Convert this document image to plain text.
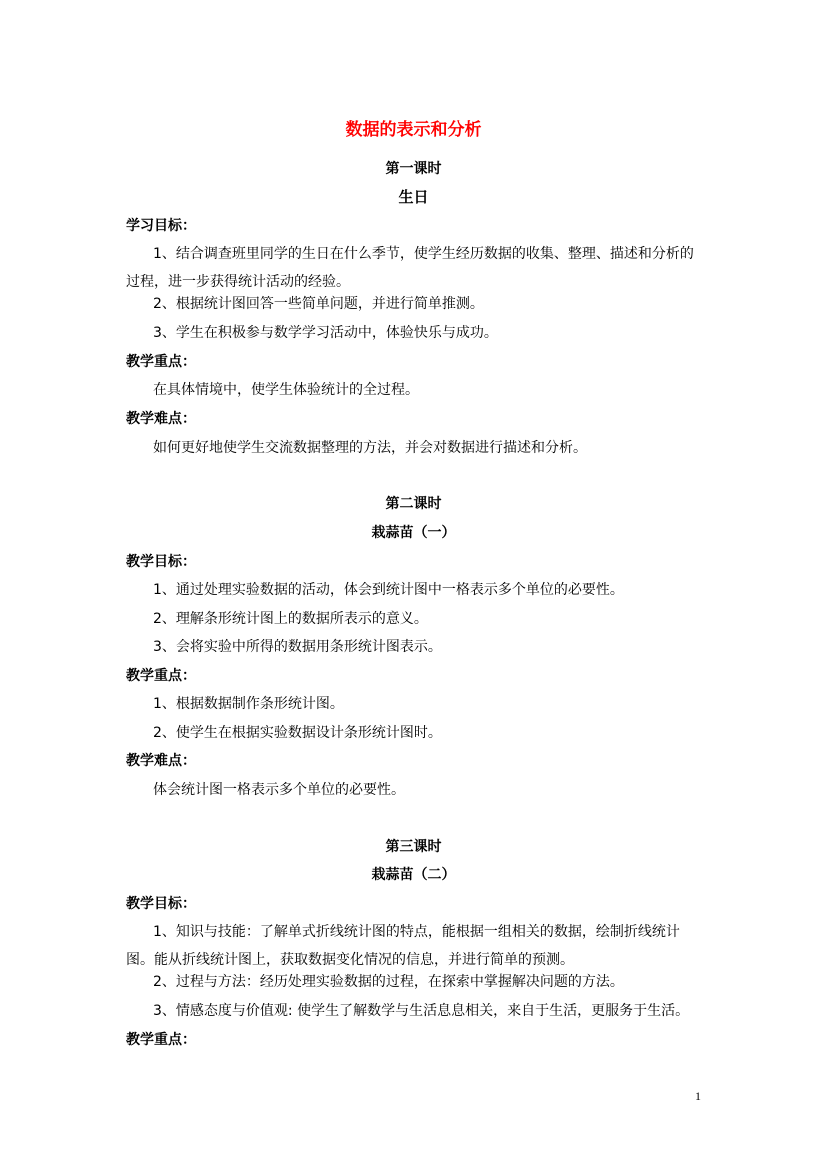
数据的表示和分析
第一课时
生日
学习目标：
1、结合调查班里同学的生日在什么季节，使学生经历数据的收集、整理、描述和分析的过程，进一步获得统计活动的经验。
2、根据统计图回答一些简单问题，并进行简单推测。
3、学生在积极参与数学学习活动中，体验快乐与成功。
教学重点：
在具体情境中，使学生体验统计的全过程。
教学难点：
如何更好地使学生交流数据整理的方法，并会对数据进行描述和分析。
第二课时
栽蒜苗（一）
教学目标：
1、通过处理实验数据的活动，体会到统计图中一格表示多个单位的必要性。
2、理解条形统计图上的数据所表示的意义。
3、会将实验中所得的数据用条形统计图表示。
教学重点：
1、根据数据制作条形统计图。
2、使学生在根据实验数据设计条形统计图时。
教学难点：
体会统计图一格表示多个单位的必要性。
第三课时
栽蒜苗（二）
教学目标：
1、知识与技能：了解单式折线统计图的特点，能根据一组相关的数据，绘制折线统计图。能从折线统计图上，获取数据变化情况的信息，并进行简单的预测。
2、过程与方法：经历处理实验数据的过程，在探索中掌握解决问题的方法。
3、情感态度与价值观: 使学生了解数学与生活息息相关，来自于生活，更服务于生活。
教学重点：
1
